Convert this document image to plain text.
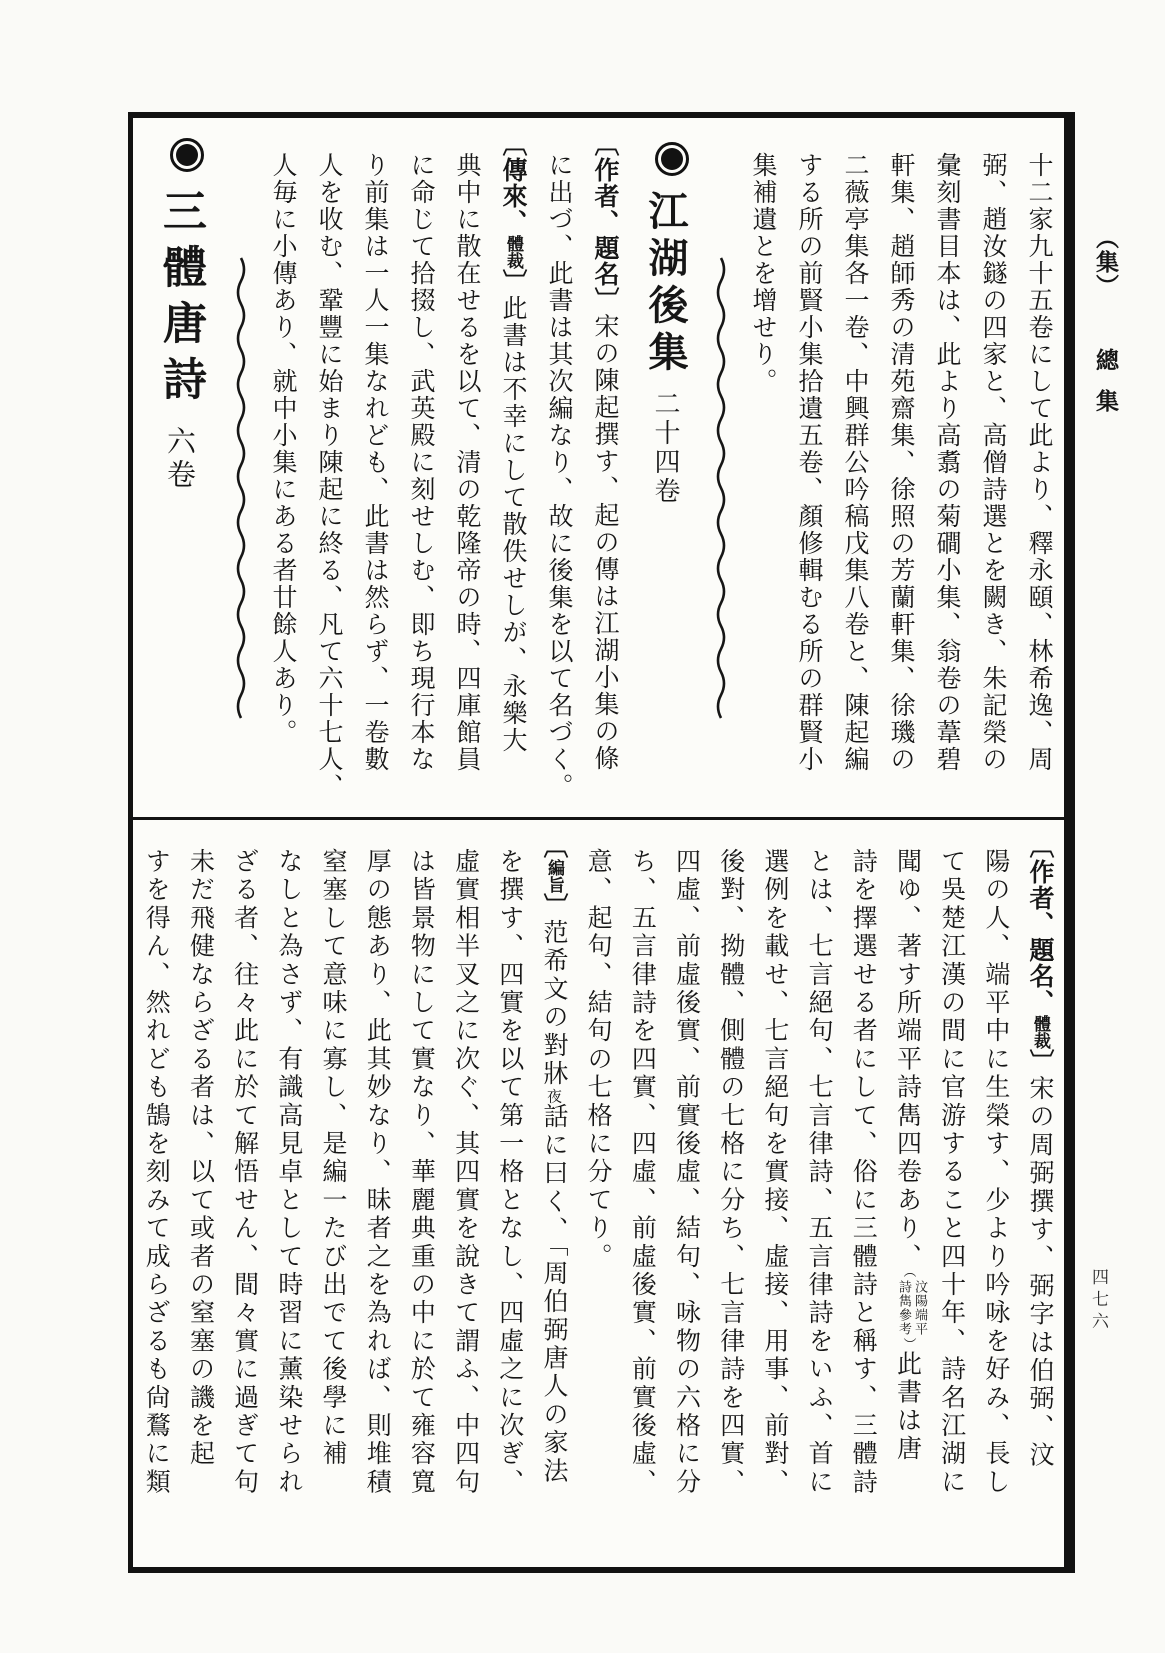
十二家九十五卷にして此より、釋永頤、林希逸、周
弼、趙汝鐩の四家と、高僧詩選とを闕き、朱記榮の
彙刻書目本は、此より高翥の菊磵小集、翁卷の葦碧
軒集、趙師秀の清苑齋集、徐照の芳蘭軒集、徐璣の
二薇亭集各一卷、中興群公吟稿戊集八卷と、陳起編
する所の前賢小集拾遺五卷、顏修輯むる所の群賢小
集補遺とを增せり。
江湖後集二十四卷
〔作者、題名〕宋の陳起撰す、起の傳は江湖小集の條
に出づ、此書は其次編なり、故に後集を以て名づく。
〔傳來、體裁〕此書は不幸にして散佚せしが、永樂大
典中に散在せるを以て、清の乾隆帝の時、四庫館員
に命じて拾掇し、武英殿に刻せしむ、即ち現行本な
り前集は一人一集なれども、此書は然らず、一卷數
人を收む、鞏豐に始まり陳起に終る、凡て六十七人、
人毎に小傳あり、就中小集にある者廿餘人あり。
三體唐詩六卷
〔作者、題名、體裁〕宋の周弼撰す、弼字は伯弼、汶
陽の人、端平中に生榮す、少より吟咏を好み、長し
て吳楚江漢の間に官游すること四十年、詩名江湖に
聞ゆ、著す所端平詩雋四卷あり、（
汶陽端平
詩雋參考
）此書は唐
詩を擇選せる者にして、俗に三體詩と稱す、三體詩
とは、七言絕句、七言律詩、五言律詩をいふ、首に
選例を載せ、七言絕句を實接、虛接、用事、前對、
後對、拗體、側體の七格に分ち、七言律詩を四實、
四虛、前虛後實、前實後虛、結句、咏物の六格に分
ち、五言律詩を四實、四虛、前虛後實、前實後虛、
意、起句、結句の七格に分てり。
〔編旨〕范希文の對牀夜話に曰く、「周伯弼唐人の家法
を撰す、四實を以て第一格となし、四虛之に次ぎ、
虛實相半叉之に次ぐ、其四實を說きて謂ふ、中四句
は皆景物にして實なり、華麗典重の中に於て雍容寬
厚の態あり、此其妙なり、昧者之を為れば、則堆積
窒塞して意味に寡し、是編一たび出でて後學に補
なしと為さず、有識高見卓として時習に薰染せられ
ざる者、往々此に於て解悟せん、間々實に過ぎて句
未だ飛健ならざる者は、以て或者の窒塞の譏を起
すを得ん、然れども鵠を刻みて成らざるも尙鶩に類
（集） 總集
四七六
